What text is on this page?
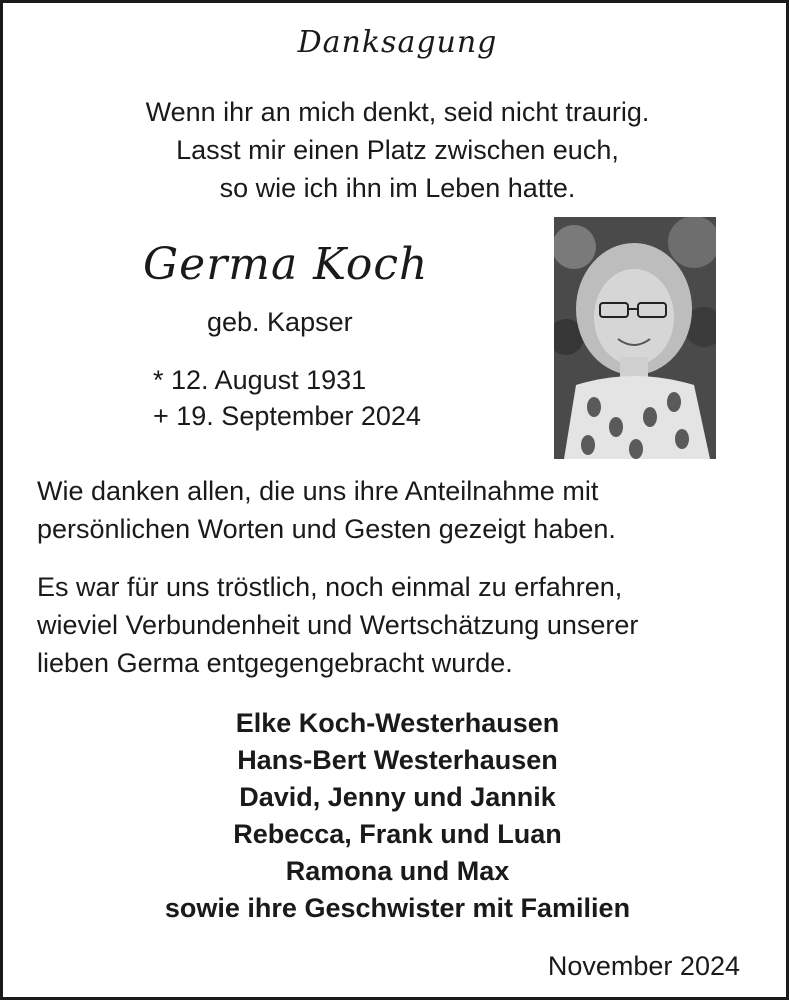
Danksagung
Wenn ihr an mich denkt, seid nicht traurig.
Lasst mir einen Platz zwischen euch,
so wie ich ihn im Leben hatte.
Germa Koch
geb. Kapser
* 12. August 1931
+ 19. September 2024
Wie danken allen, die uns ihre Anteilnahme mit
persönlichen Worten und Gesten gezeigt haben.
Es war für uns tröstlich, noch einmal zu erfahren,
wieviel Verbundenheit und Wertschätzung unserer
lieben Germa entgegengebracht wurde.
Elke Koch-Westerhausen
Hans-Bert Westerhausen
David, Jenny und Jannik
Rebecca, Frank und Luan
Ramona und Max
sowie ihre Geschwister mit Familien
November 2024
